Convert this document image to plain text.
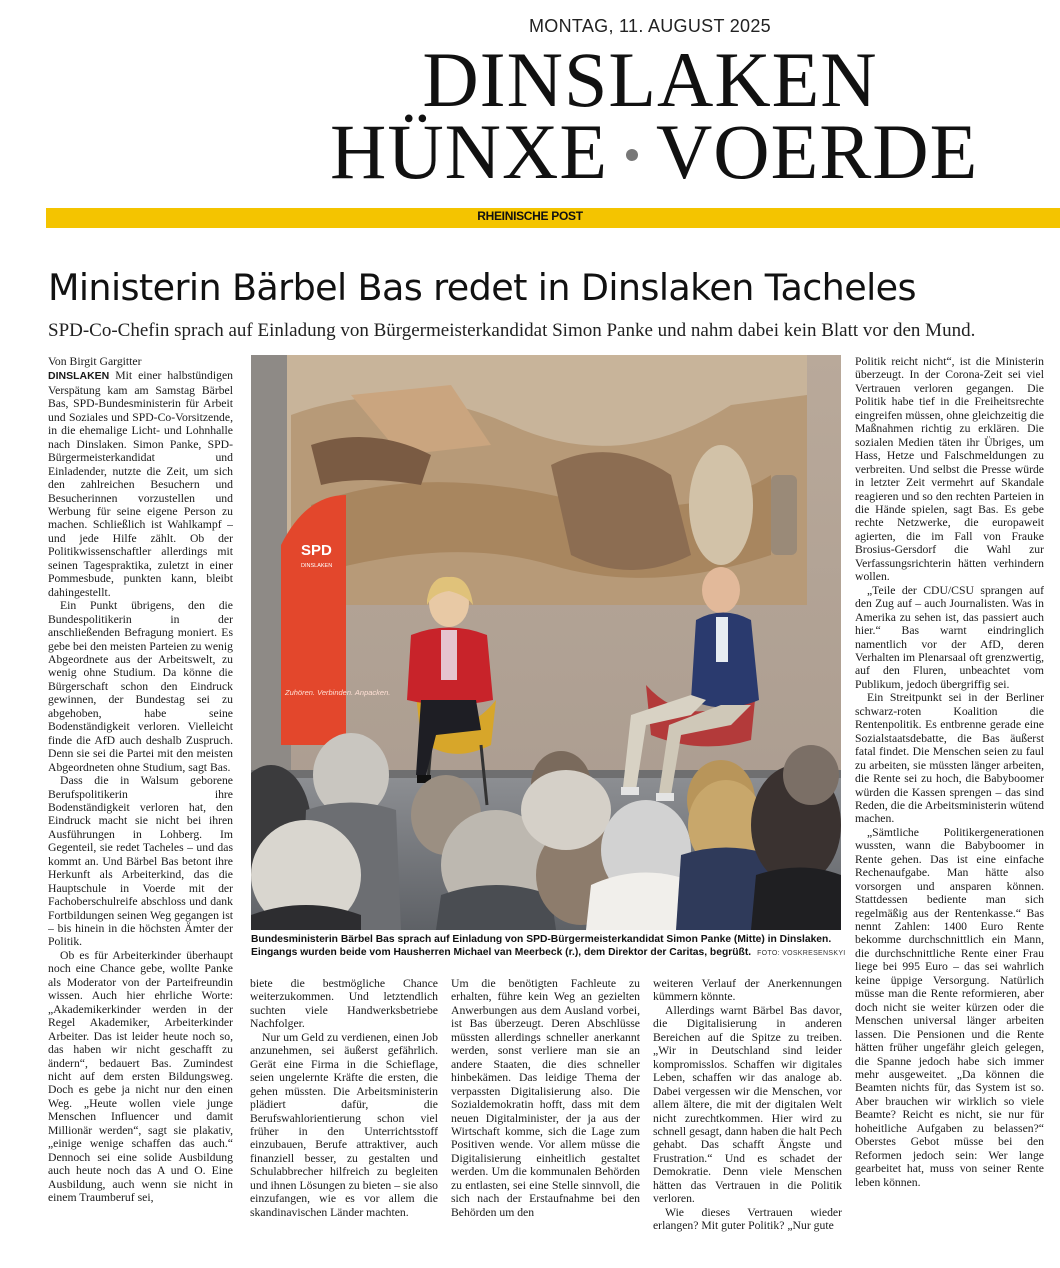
MONTAG, 11. AUGUST 2025
DINSLAKEN
HÜNXE VOERDE
RHEINISCHE POST
Ministerin Bärbel Bas redet in Dinslaken Tacheles
SPD-Co-Chefin sprach auf Einladung von Bürgermeisterkandidat Simon Panke und nahm dabei kein Blatt vor den Mund.
Von Birgit Gargitter

DINSLAKEN Mit einer halbstündigen Verspätung kam am Samstag Bärbel Bas, SPD-Bundesministerin für Arbeit und Soziales und SPD-Co-Vorsitzende, in die ehemalige Licht- und Lohnhalle nach Dinslaken. Simon Panke, SPD-Bürgermeisterkandidat und Einladender, nutzte die Zeit, um sich den zahlreichen Besuchern und Besucherinnen vorzustellen und Werbung für seine eigene Person zu machen. Schließlich ist Wahlkampf – und jede Hilfe zählt. Ob der Politikwissenschaftler allerdings mit seinen Tagespraktika, zuletzt in einer Pommesbude, punkten kann, bleibt dahingestellt.

Ein Punkt übrigens, den die Bundespolitikerin in der anschließenden Befragung moniert. Es gebe bei den meisten Parteien zu wenig Abgeordnete aus der Arbeitswelt, zu wenig ohne Studium. Da könne die Bürgerschaft schon den Eindruck gewinnen, der Bundestag sei zu abgehoben, habe seine Bodenständigkeit verloren. Vielleicht finde die AfD auch deshalb Zuspruch. Denn sie sei die Partei mit den meisten Abgeordneten ohne Studium, sagt Bas.

Dass die in Walsum geborene Berufspolitikerin ihre Bodenständigkeit verloren hat, den Eindruck macht sie nicht bei ihren Ausführungen in Lohberg. Im Gegenteil, sie redet Tacheles – und das kommt an. Und Bärbel Bas betont ihre Herkunft als Arbeiterkind, das die Hauptschule in Voerde mit der Fachoberschulreife abschloss und dank Fortbildungen seinen Weg gegangen ist – bis hinein in die höchsten Ämter der Politik.

Ob es für Arbeiterkinder überhaupt noch eine Chance gebe, wollte Panke als Moderator von der Parteifreundin wissen. Auch hier ehrliche Worte: „Akademikerkinder werden in der Regel Akademiker, Arbeiterkinder Arbeiter. Das ist leider heute noch so, das haben wir nicht geschafft zu ändern“, bedauert Bas. Zumindest nicht auf dem ersten Bildungsweg. Doch es gebe ja nicht nur den einen Weg. „Heute wollen viele junge Menschen Influencer und damit Millionär werden“, sagt sie plakativ, „einige wenige schaffen das auch.“ Dennoch sei eine solide Ausbildung auch heute noch das A und O. Eine Ausbildung, auch wenn sie nicht in einem Traumberuf sei,

SPD
DINSLAKEN
Zuhören. Verbinden. Anpacken.
Bundesministerin Bärbel Bas sprach auf Einladung von SPD-Bürgermeisterkandidat Simon Panke (Mitte) in Dinslaken. Eingangs wurden beide vom Hausherren Michael van Meerbeck (r.), dem Direktor der Caritas, begrüßt. FOTO: VOSKRESENSKYI

biete die bestmögliche Chance weiterzukommen. Und letztendlich suchten viele Handwerksbetriebe Nachfolger.

Nur um Geld zu verdienen, einen Job anzunehmen, sei äußerst gefährlich. Gerät eine Firma in die Schieflage, seien ungelernte Kräfte die ersten, die gehen müssten. Die Arbeitsministerin plädiert dafür, die Berufswahlorientierung schon viel früher in den Unterrichtsstoff einzubauen, Berufe attraktiver, auch finanziell besser, zu gestalten und Schulabbrecher hilfreich zu begleiten und ihnen Lösungen zu bieten – sie also einzufangen, wie es vor allem die skandinavischen Länder machten.

Um die benötigten Fachleute zu erhalten, führe kein Weg an gezielten Anwerbungen aus dem Ausland vorbei, ist Bas überzeugt. Deren Abschlüsse müssten allerdings schneller anerkannt werden, sonst verliere man sie an andere Staaten, die dies schneller hinbekämen. Das leidige Thema der verpassten Digitalisierung also. Die Sozialdemokratin hofft, dass mit dem neuen Digitalminister, der ja aus der Wirtschaft komme, sich die Lage zum Positiven wende. Vor allem müsse die Digitalisierung einheitlich gestaltet werden. Um die kommunalen Behörden zu entlasten, sei eine Stelle sinnvoll, die sich nach der Erstaufnahme bei den Behörden um den

weiteren Verlauf der Anerkennungen kümmern könnte.

Allerdings warnt Bärbel Bas davor, die Digitalisierung in anderen Bereichen auf die Spitze zu treiben. „Wir in Deutschland sind leider kompromisslos. Schaffen wir digitales Leben, schaffen wir das analoge ab. Dabei vergessen wir die Menschen, vor allem ältere, die mit der digitalen Welt nicht zurechtkommen. Hier wird zu schnell gesagt, dann haben die halt Pech gehabt. Das schafft Ängste und Frustration.“ Und es schadet der Demokratie. Denn viele Menschen hätten das Vertrauen in die Politik verloren.

Wie dieses Vertrauen wieder erlangen? Mit guter Politik? „Nur gute

Politik reicht nicht“, ist die Ministerin überzeugt. In der Corona-Zeit sei viel Vertrauen verloren gegangen. Die Politik habe tief in die Freiheitsrechte eingreifen müssen, ohne gleichzeitig die Maßnahmen richtig zu erklären. Die sozialen Medien täten ihr Übriges, um Hass, Hetze und Falschmeldungen zu verbreiten. Und selbst die Presse würde in letzter Zeit vermehrt auf Skandale reagieren und so den rechten Parteien in die Hände spielen, sagt Bas. Es gebe rechte Netzwerke, die europaweit agierten, die im Fall von Frauke Brosius-Gersdorf die Wahl zur Verfassungsrichterin hätten verhindern wollen.

„Teile der CDU/CSU sprangen auf den Zug auf – auch Journalisten. Was in Amerika zu sehen ist, das passiert auch hier.“ Bas warnt eindringlich namentlich vor der AfD, deren Verhalten im Plenarsaal oft grenzwertig, auf den Fluren, unbeachtet vom Publikum, jedoch übergriffig sei.

Ein Streitpunkt sei in der Berliner schwarz-roten Koalition die Rentenpolitik. Es entbrenne gerade eine Sozialstaatsdebatte, die Bas äußerst fatal findet. Die Menschen seien zu faul zu arbeiten, sie müssten länger arbeiten, die Rente sei zu hoch, die Babyboomer würden die Kassen sprengen – das sind Reden, die die Arbeitsministerin wütend machen.

„Sämtliche Politikergenerationen wussten, wann die Babyboomer in Rente gehen. Das ist eine einfache Rechenaufgabe. Man hätte also vorsorgen und ansparen können. Stattdessen bediente man sich regelmäßig aus der Rentenkasse.“ Bas nennt Zahlen: 1400 Euro Rente bekomme durchschnittlich ein Mann, die durchschnittliche Rente einer Frau liege bei 995 Euro – das sei wahrlich keine üppige Versorgung. Natürlich müsse man die Rente reformieren, aber doch nicht sie weiter kürzen oder die Menschen universal länger arbeiten lassen. Die Pensionen und die Rente hätten früher ungefähr gleich gelegen, die Spanne jedoch habe sich immer mehr ausgeweitet. „Da können die Beamten nichts für, das System ist so. Aber brauchen wir wirklich so viele Beamte? Reicht es nicht, sie nur für hoheitliche Aufgaben zu belassen?“ Oberstes Gebot müsse bei den Reformen jedoch sein: Wer lange gearbeitet hat, muss von seiner Rente leben können.
